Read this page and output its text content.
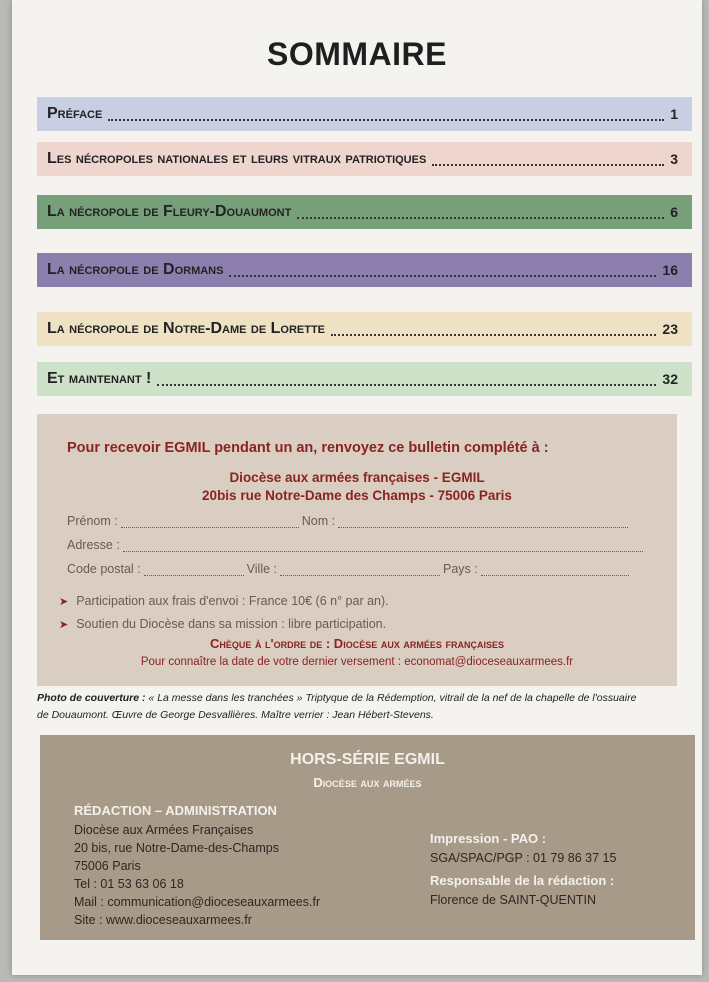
SOMMAIRE
Préface	1
Les nécropoles nationales et leurs vitraux patriotiques	3
La nécropole de Fleury-Douaumont	6
La nécropole de Dormans	16
La nécropole de Notre-Dame de Lorette	23
Et maintenant !	32
Pour recevoir EGMIL pendant un an, renvoyez ce bulletin complété à :
Diocèse aux armées françaises - EGMIL
20bis rue Notre-Dame des Champs - 75006 Paris
Prénom :	Nom :
Adresse :
Code postal :	Ville :	Pays :
➤ Participation aux frais d'envoi : France 10€ (6 n° par an).
➤ Soutien du Diocèse dans sa mission : libre participation.
Chèque à l'ordre de : Diocèse aux armées françaises
Pour connaître la date de votre dernier versement : economat@dioceseauxarmees.fr
Photo de couverture : « La messe dans les tranchées » Triptyque de la Rédemption, vitrail de la nef de la chapelle de l'ossuaire
de Douaumont. Œuvre de George Desvallières. Maître verrier : Jean Hébert-Stevens.
HORS-SÉRIE EGMIL
Diocèse aux armées
RÉDACTION – ADMINISTRATION
Diocèse aux Armées Françaises
20 bis, rue Notre-Dame-des-Champs
75006 Paris
Tel : 01 53 63 06 18
Mail : communication@dioceseauxarmees.fr
Site : www.dioceseauxarmees.fr
Impression - PAO :
SGA/SPAC/PGP : 01 79 86 37 15
Responsable de la rédaction :
Florence de SAINT-QUENTIN
